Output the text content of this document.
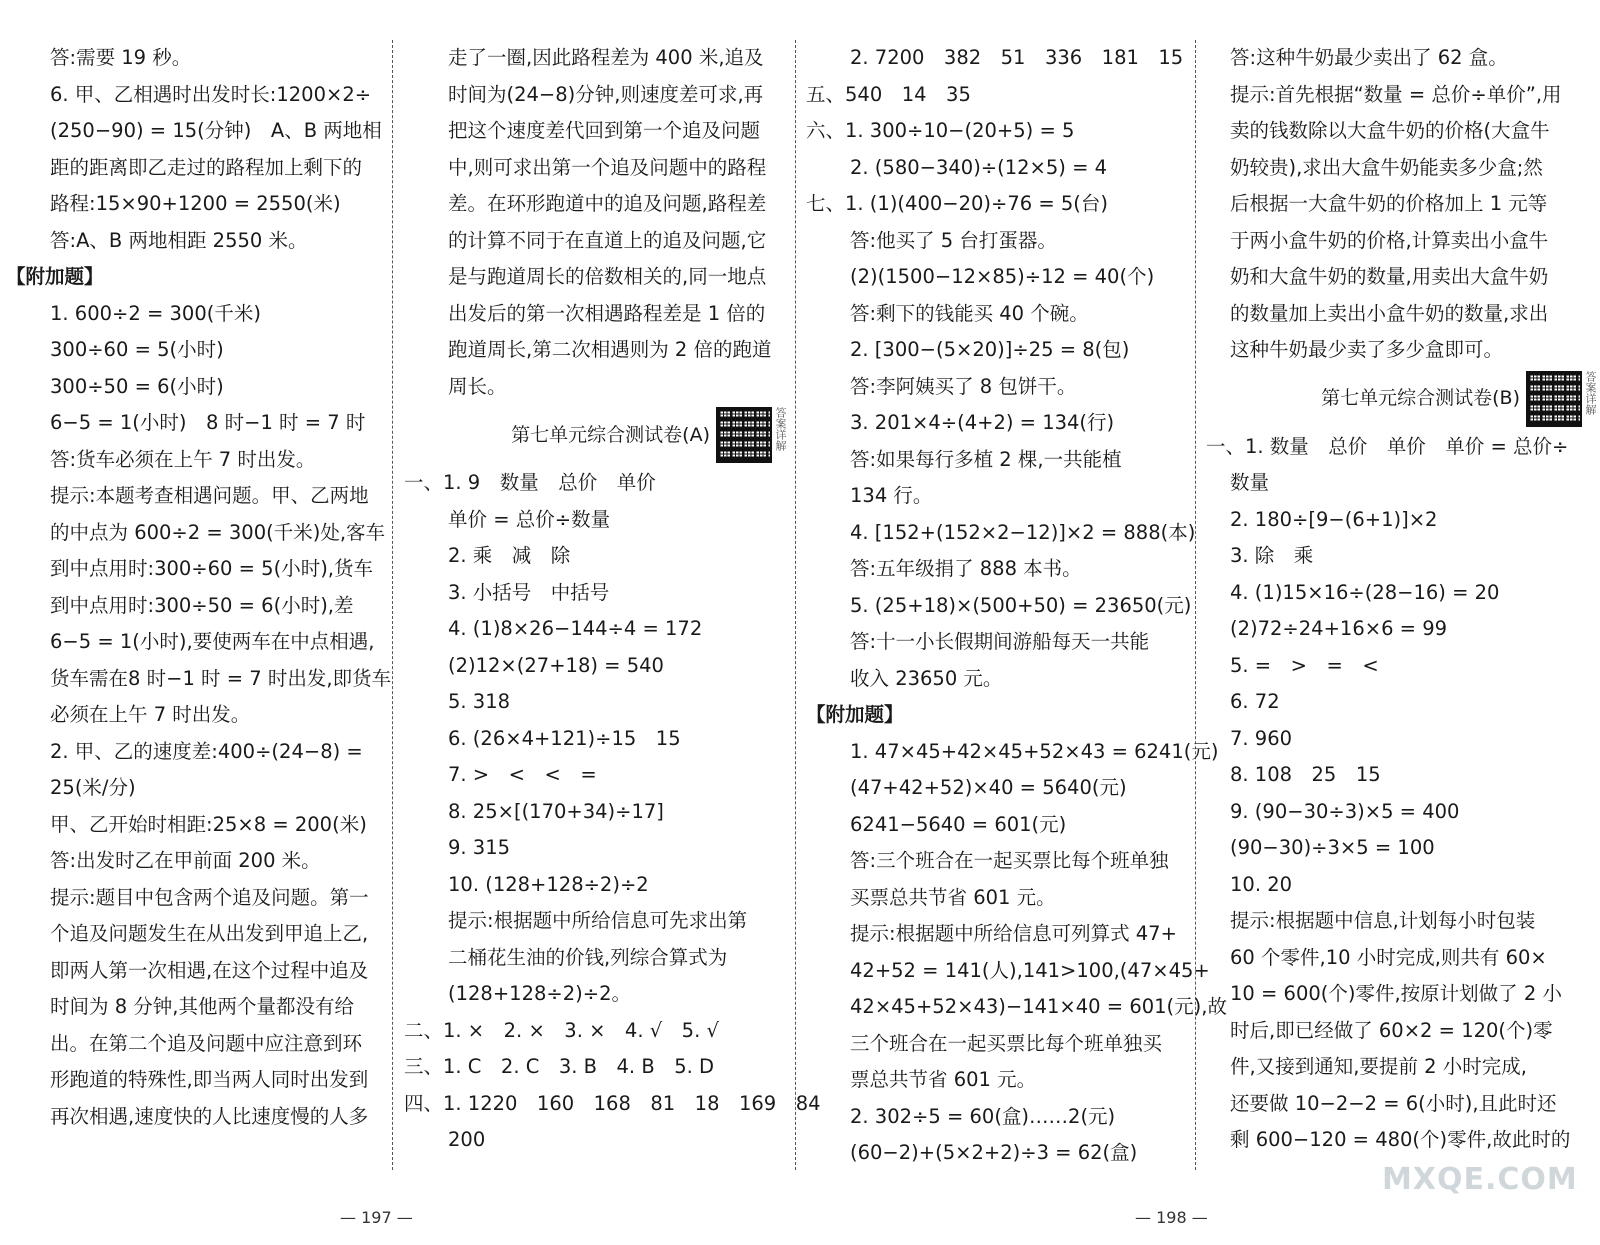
答:需要 19 秒。
6. 甲、乙相遇时出发时长:1200×2÷
(250−90) = 15(分钟)　A、B 两地相
距的距离即乙走过的路程加上剩下的
路程:15×90+1200 = 2550(米)
答:A、B 两地相距 2550 米。
【附加题】
1. 600÷2 = 300(千米)
300÷60 = 5(小时)
300÷50 = 6(小时)
6−5 = 1(小时)　8 时−1 时 = 7 时
答:货车必须在上午 7 时出发。
提示:本题考查相遇问题。甲、乙两地
的中点为 600÷2 = 300(千米)处,客车
到中点用时:300÷60 = 5(小时),货车
到中点用时:300÷50 = 6(小时),差
6−5 = 1(小时),要使两车在中点相遇,
货车需在8 时−1 时 = 7 时出发,即货车
必须在上午 7 时出发。
2. 甲、乙的速度差:400÷(24−8) =
25(米/分)
甲、乙开始时相距:25×8 = 200(米)
答:出发时乙在甲前面 200 米。
提示:题目中包含两个追及问题。第一
个追及问题发生在从出发到甲追上乙,
即两人第一次相遇,在这个过程中追及
时间为 8 分钟,其他两个量都没有给
出。在第二个追及问题中应注意到环
形跑道的特殊性,即当两人同时出发到
再次相遇,速度快的人比速度慢的人多
走了一圈,因此路程差为 400 米,追及
时间为(24−8)分钟,则速度差可求,再
把这个速度差代回到第一个追及问题
中,则可求出第一个追及问题中的路程
差。在环形跑道中的追及问题,路程差
的计算不同于在直道上的追及问题,它
是与跑道周长的倍数相关的,同一地点
出发后的第一次相遇路程差是 1 倍的
跑道周长,第二次相遇则为 2 倍的跑道
周长。
第七单元综合测试卷(A)	答案详解
一、1. 9　数量　总价　单价
单价 = 总价÷数量
2. 乘　减　除
3. 小括号　中括号
4. (1)8×26−144÷4 = 172
(2)12×(27+18) = 540
5. 318
6. (26×4+121)÷15　15
7. >　<　<　=
8. 25×[(170+34)÷17]
9. 315
10. (128+128÷2)÷2
提示:根据题中所给信息可先求出第
二桶花生油的价钱,列综合算式为
(128+128÷2)÷2。
二、1. ×　2. ×　3. ×　4. √　5. √
三、1. C　2. C　3. B　4. B　5. D
四、1. 1220　160　168　81　18　169　84
200
2. 7200　382　51　336　181　15
五、540　14　35
六、1. 300÷10−(20+5) = 5
2. (580−340)÷(12×5) = 4
七、1. (1)(400−20)÷76 = 5(台)
答:他买了 5 台打蛋器。
(2)(1500−12×85)÷12 = 40(个)
答:剩下的钱能买 40 个碗。
2. [300−(5×20)]÷25 = 8(包)
答:李阿姨买了 8 包饼干。
3. 201×4÷(4+2) = 134(行)
答:如果每行多植 2 棵,一共能植
134 行。
4. [152+(152×2−12)]×2 = 888(本)
答:五年级捐了 888 本书。
5. (25+18)×(500+50) = 23650(元)
答:十一小长假期间游船每天一共能
收入 23650 元。
【附加题】
1. 47×45+42×45+52×43 = 6241(元)
(47+42+52)×40 = 5640(元)
6241−5640 = 601(元)
答:三个班合在一起买票比每个班单独
买票总共节省 601 元。
提示:根据题中所给信息可列算式 47+
42+52 = 141(人),141>100,(47×45+
42×45+52×43)−141×40 = 601(元),故
三个班合在一起买票比每个班单独买
票总共节省 601 元。
2. 302÷5 = 60(盒)……2(元)
(60−2)+(5×2+2)÷3 = 62(盒)
答:这种牛奶最少卖出了 62 盒。
提示:首先根据“数量 = 总价÷单价”,用
卖的钱数除以大盒牛奶的价格(大盒牛
奶较贵),求出大盒牛奶能卖多少盒;然
后根据一大盒牛奶的价格加上 1 元等
于两小盒牛奶的价格,计算卖出小盒牛
奶和大盒牛奶的数量,用卖出大盒牛奶
的数量加上卖出小盒牛奶的数量,求出
这种牛奶最少卖了多少盒即可。
第七单元综合测试卷(B)	答案详解
一、1. 数量　总价　单价　单价 = 总价÷
数量
2. 180÷[9−(6+1)]×2
3. 除　乘
4. (1)15×16÷(28−16) = 20
(2)72÷24+16×6 = 99
5. =　>　=　<
6. 72
7. 960
8. 108　25　15
9. (90−30÷3)×5 = 400
(90−30)÷3×5 = 100
10. 20
提示:根据题中信息,计划每小时包装
60 个零件,10 小时完成,则共有 60×
10 = 600(个)零件,按原计划做了 2 小
时后,即已经做了 60×2 = 120(个)零
件,又接到通知,要提前 2 小时完成,
还要做 10−2−2 = 6(小时),且此时还
剩 600−120 = 480(个)零件,故此时的
— 197 —	— 198 —
MXQE.COM
